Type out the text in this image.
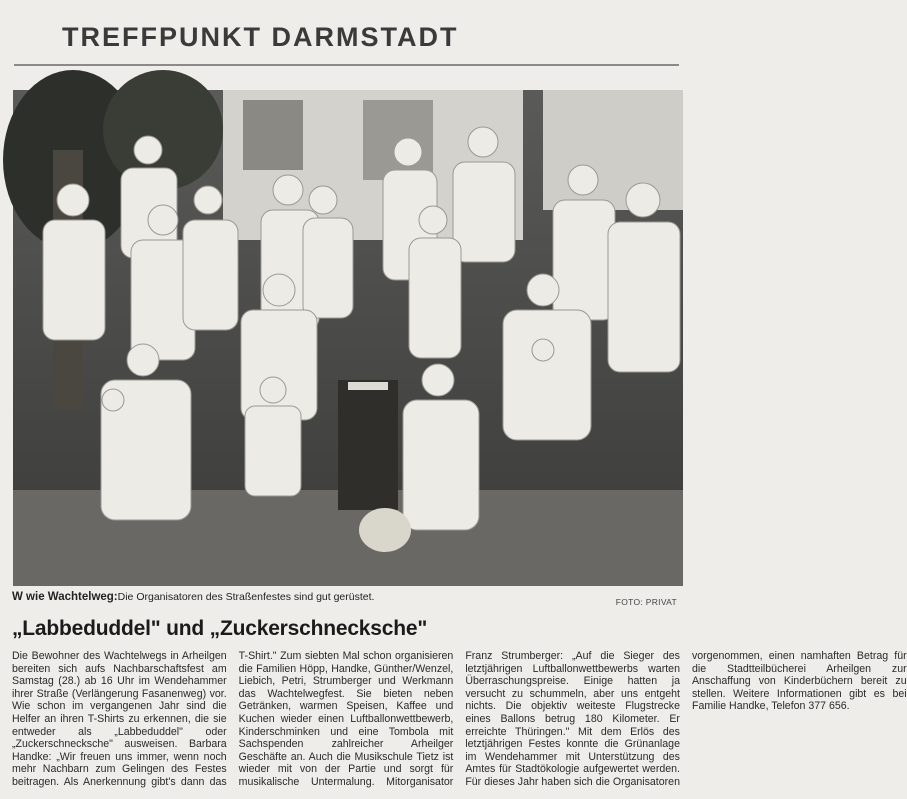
TREFFPUNKT DARMSTADT
W wie Wachtelweg:Die Organisatoren des Straßenfestes sind gut gerüstet.	FOTO: PRIVAT
„Labbeduddel" und „Zuckerschnecksche"

Die Bewohner des Wachtelwegs in Arheilgen bereiten sich aufs Nachbarschaftsfest am Samstag (28.) ab 16 Uhr im Wendehammer ihrer Straße (Verlängerung Fasanenweg) vor. Wie schon im vergangenen Jahr sind die Helfer an ihren T-Shirts zu erkennen, die sie entweder als „Labbeduddel" oder „Zuckerschnecksche" ausweisen. Barbara Handke: „Wir freuen uns immer, wenn noch mehr Nachbarn zum Gelingen des Festes beitragen. Als Anerkennung gibt's dann das T-Shirt." Zum siebten Mal schon organisieren die Familien Höpp, Handke, Günther/Wenzel, Liebich, Petri, Strumberger und Werkmann das Wachtelwegfest. Sie bieten neben Getränken, warmen Speisen, Kaffee und Kuchen wieder einen Luftballonwettbewerb, Kinderschminken und eine Tombola mit Sachspenden zahlreicher Arheilger Geschäfte an. Auch die Musikschule Tietz ist wieder mit von der Partie und sorgt für musikalische Untermalung. Mitorganisator Franz Strumberger: „Auf die Sieger des letztjährigen Luftballonwettbewerbs warten Überraschungspreise. Einige hatten ja versucht zu schummeln, aber uns entgeht nichts. Die objektiv weiteste Flugstrecke eines Ballons betrug 180 Kilometer. Er erreichte Thüringen." Mit dem Erlös des letztjährigen Festes konnte die Grünanlage im Wendehammer mit Unterstützung des Amtes für Stadtökologie aufgewertet werden. Für dieses Jahr haben sich die Organisatoren vorgenommen, einen namhaften Betrag für die Stadtteilbücherei Arheilgen zur Anschaffung von Kinderbüchern bereit zu stellen. Weitere Informationen gibt es bei Familie Handke, Telefon 377 656.
